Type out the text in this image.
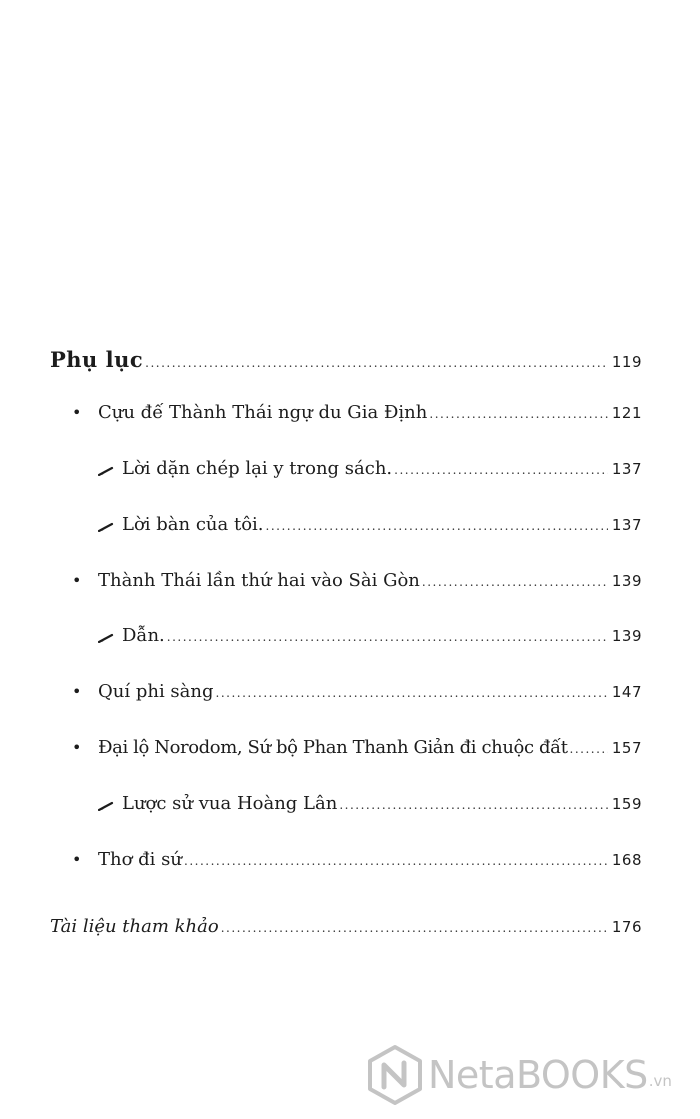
Phụ lục .....	119
• Cựu đế Thành Thái ngự du Gia Định .....	121
Lời dặn chép lại y trong sách. .....	137
Lời bàn của tôi. .....	137
• Thành Thái lần thứ hai vào Sài Gòn .....	139
Dẫn. .....	139
• Quí phi sàng .....	147
• Đại lộ Norodom, Sứ bộ Phan Thanh Giản đi chuộc đất .....	157
Lược sử vua Hoàng Lân .....	159
• Thơ đi sứ .....	168
Tài liệu tham khảo .....	176
NetaBOOKS .vn
